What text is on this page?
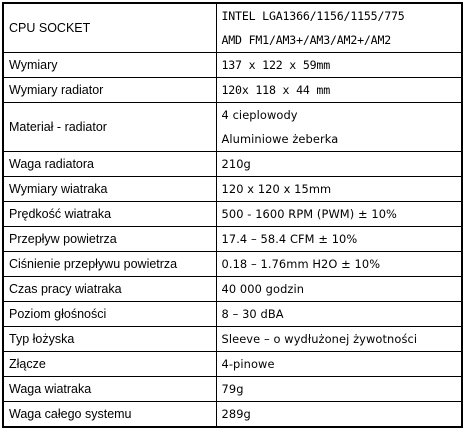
CPU SOCKET	INTEL LGA1366/1156/1155/775
AMD FM1/AM3+/AM3/AM2+/AM2

Wymiary	137 x 122 x 59mm
Wymiary radiator	120x 118 x 44 mm
Materiał - radiator	4 cieplowody
Aluminiowe żeberka

Waga radiatora	210g
Wymiary wiatraka	120 x 120 x 15mm
Prędkość wiatraka	500 - 1600 RPM (PWM) ± 10%
Przepływ powietrza	17.4 – 58.4 CFM ± 10%
Ciśnienie przepływu powietrza	0.18 – 1.76mm H2O ± 10%
Czas pracy wiatraka	40 000 godzin
Poziom głośności	8 – 30 dBA
Typ łożyska	Sleeve – o wydłużonej żywotności
Złącze	4-pinowe
Waga wiatraka	79g
Waga całego systemu	289g
